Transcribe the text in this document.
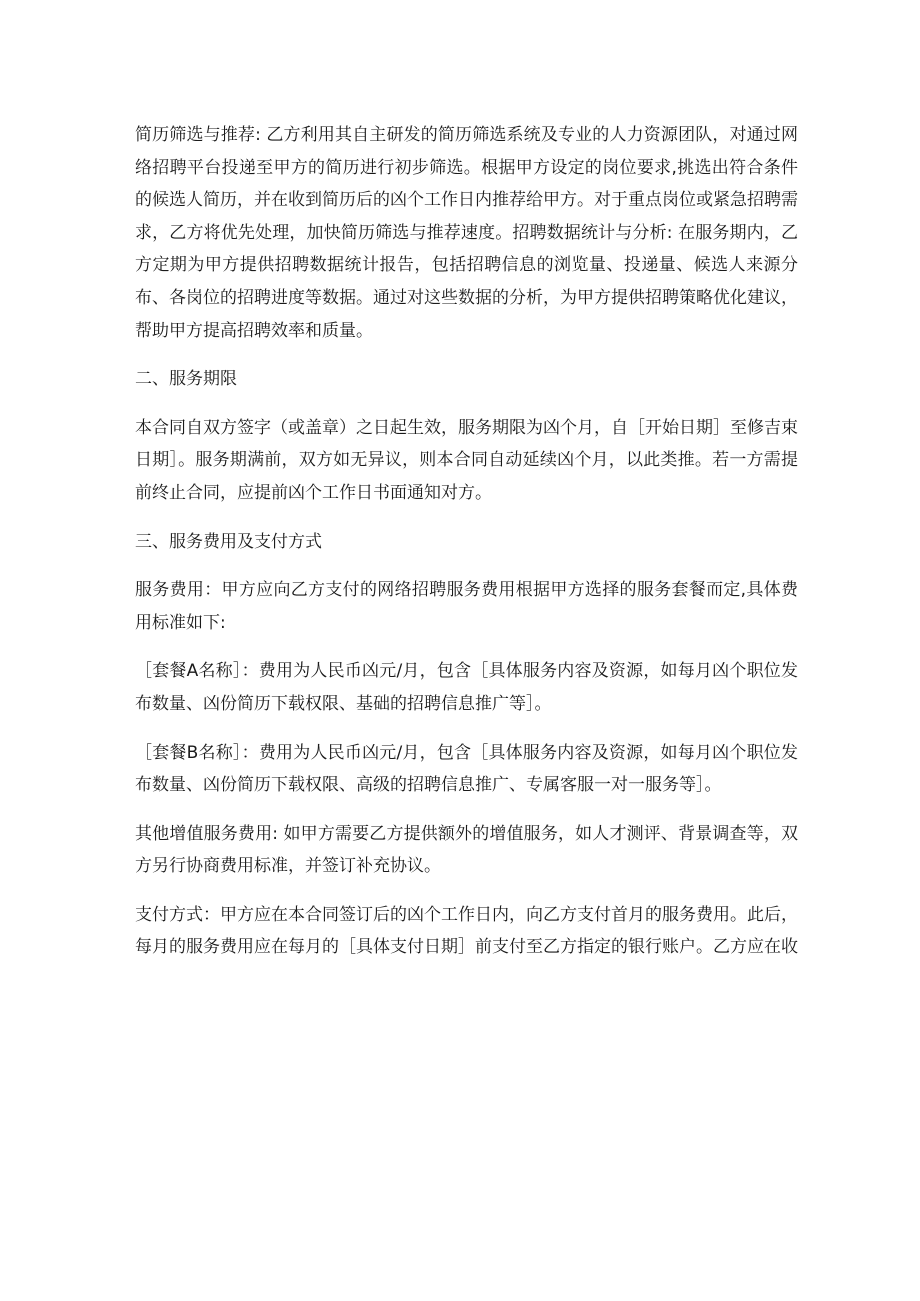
简历筛选与推荐: 乙方利用其自主研发的简历筛选系统及专业的人力资源团队，对通过网络招聘平台投递至甲方的简历进行初步筛选。根据甲方设定的岗位要求,挑选出符合条件的候选人简历，并在收到简历后的凶个工作日内推荐给甲方。对于重点岗位或紧急招聘需求，乙方将优先处理，加快简历筛选与推荐速度。招聘数据统计与分析: 在服务期内，乙方定期为甲方提供招聘数据统计报告，包括招聘信息的浏览量、投递量、候选人来源分布、各岗位的招聘进度等数据。通过对这些数据的分析，为甲方提供招聘策略优化建议，帮助甲方提高招聘效率和质量。

二、服务期限

本合同自双方签字（或盖章）之日起生效，服务期限为凶个月，自［开始日期］至修吉束日期］。服务期满前，双方如无异议，则本合同自动延续凶个月，以此类推。若一方需提前终止合同，应提前凶个工作日书面通知对方。

三、服务费用及支付方式

服务费用：甲方应向乙方支付的网络招聘服务费用根据甲方选择的服务套餐而定,具体费用标准如下:

［套餐A名称］：费用为人民币凶元/月，包含［具体服务内容及资源，如每月凶个职位发布数量、凶份简历下载权限、基础的招聘信息推广等］。

［套餐B名称］：费用为人民币凶元/月，包含［具体服务内容及资源，如每月凶个职位发布数量、凶份简历下载权限、高级的招聘信息推广、专属客服一对一服务等］。

其他增值服务费用: 如甲方需要乙方提供额外的增值服务，如人才测评、背景调查等，双方另行协商费用标准，并签订补充协议。

支付方式：甲方应在本合同签订后的凶个工作日内，向乙方支付首月的服务费用。此后，每月的服务费用应在每月的［具体支付日期］前支付至乙方指定的银行账户。乙方应在收
